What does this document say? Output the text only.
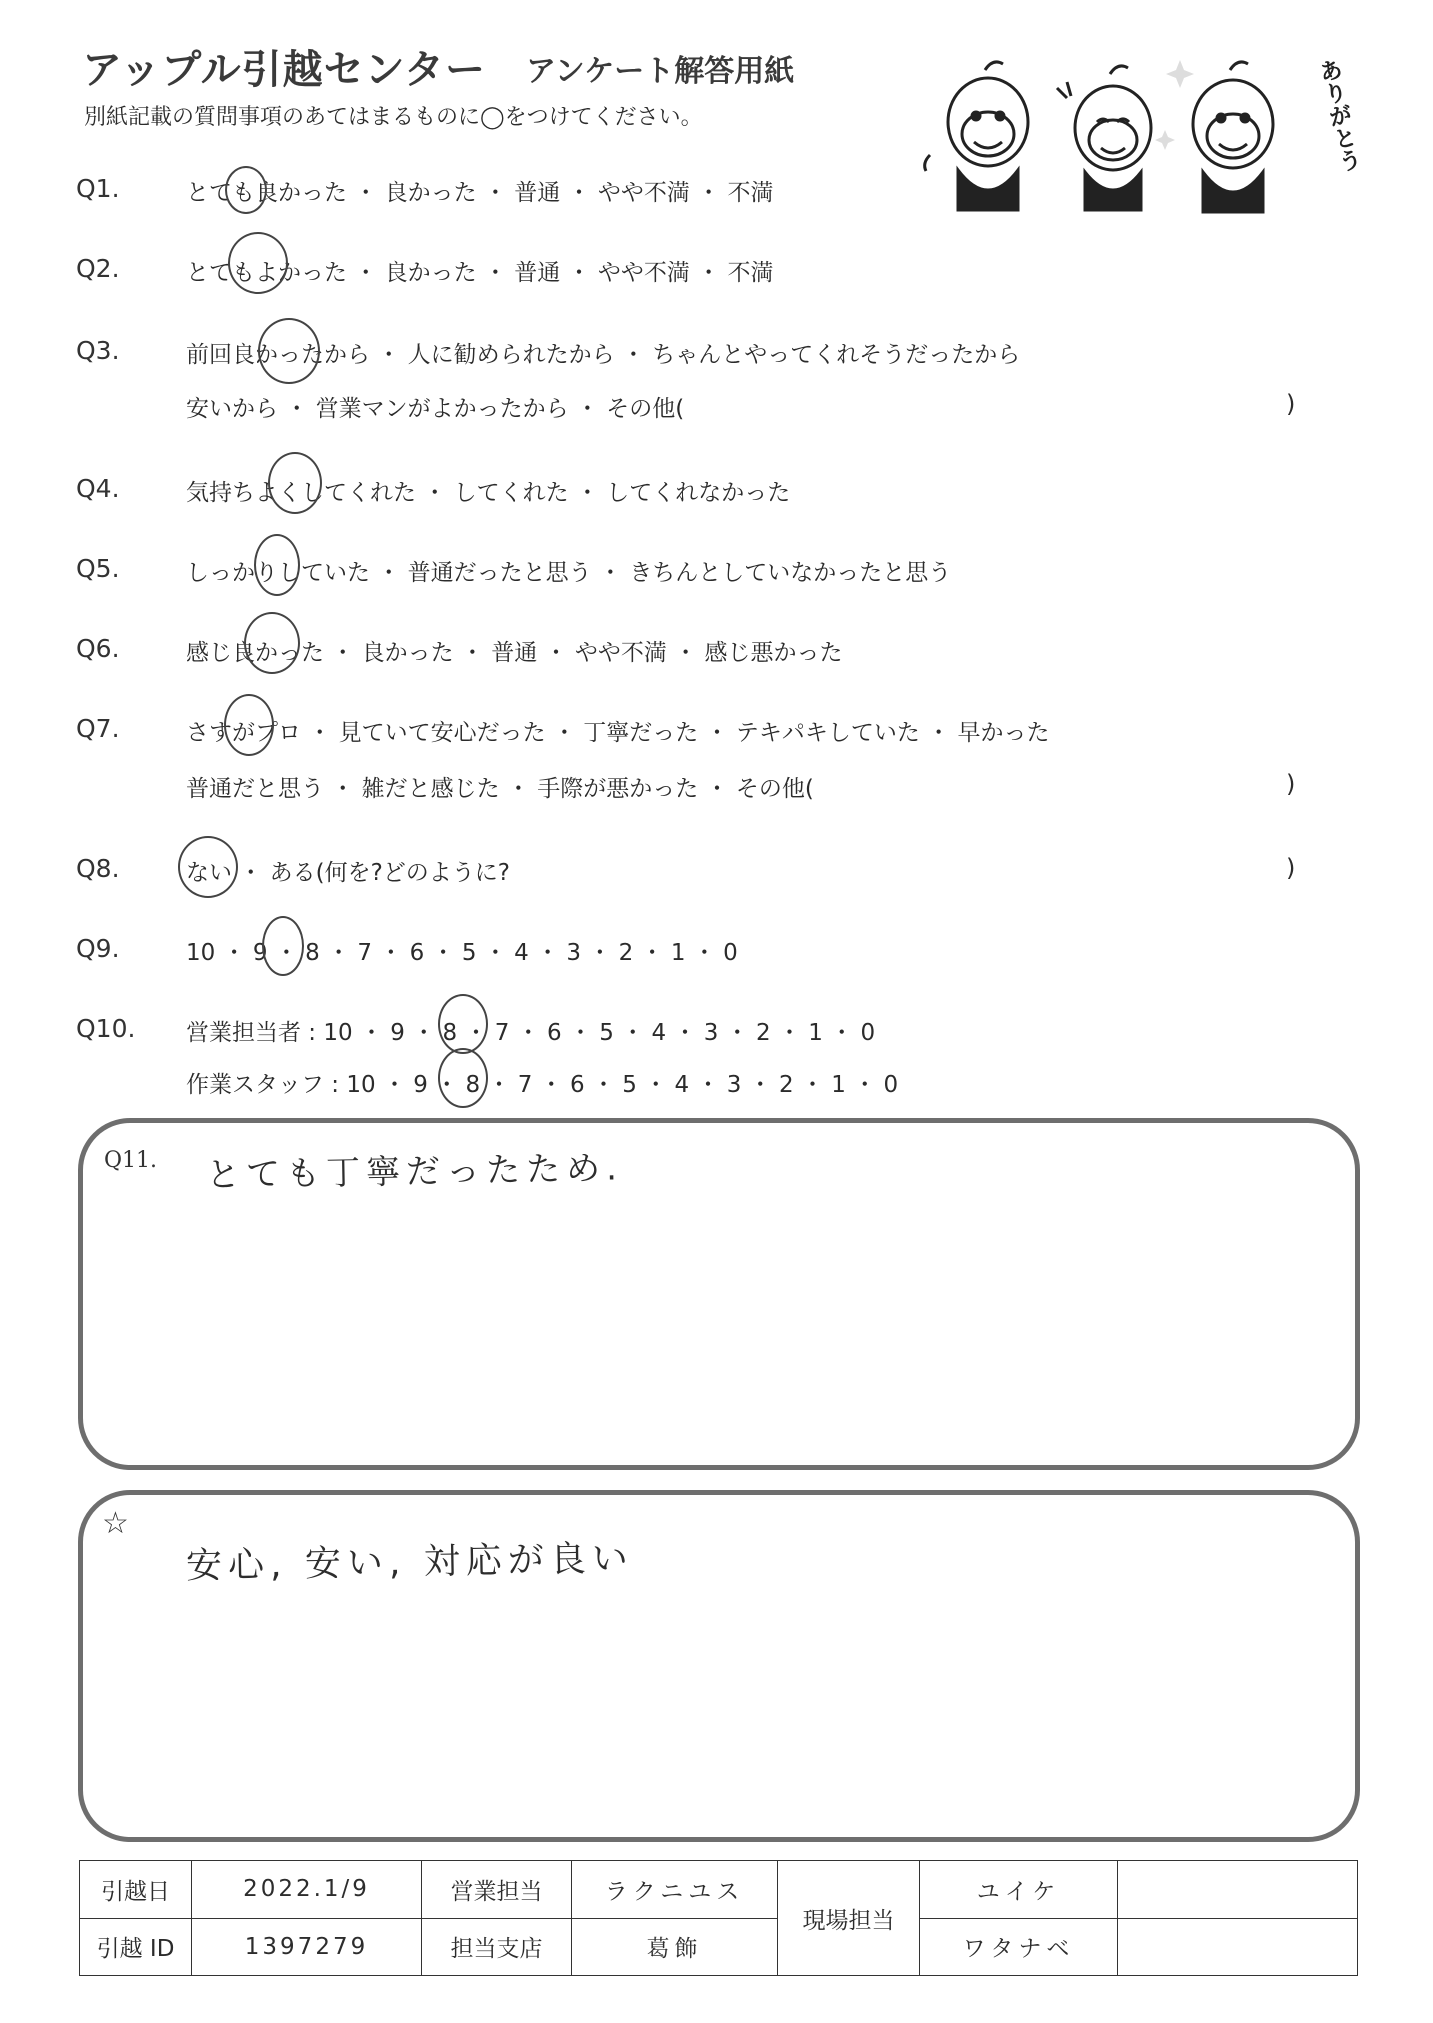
アップル引越センター アンケート解答用紙
別紙記載の質問事項のあてはまるものに◯をつけてください。	ありがとう
Q1.	とても良かった ・ 良かった ・ 普通 ・ やや不満 ・ 不満
Q2.	とてもよかった ・ 良かった ・ 普通 ・ やや不満 ・ 不満
Q3.	前回良かったから ・ 人に勧められたから ・ ちゃんとやってくれそうだったから
安いから ・ 営業マンがよかったから ・ その他(	)
Q4.	気持ちよくしてくれた ・ してくれた ・ してくれなかった
Q5.	しっかりしていた ・ 普通だったと思う ・ きちんとしていなかったと思う
Q6.	感じ良かった ・ 良かった ・ 普通 ・ やや不満 ・ 感じ悪かった
Q7.	さすがプロ ・ 見ていて安心だった ・ 丁寧だった ・ テキパキしていた ・ 早かった
普通だと思う ・ 雑だと感じた ・ 手際が悪かった ・ その他(	)
Q8.	ない ・ ある(何を?どのように?	)
Q9.	10 ・ 9 ・ 8 ・ 7 ・ 6 ・ 5 ・ 4 ・ 3 ・ 2 ・ 1 ・ 0
Q10. 営業担当者 : 10 ・ 9 ・ 8 ・ 7 ・ 6 ・ 5 ・ 4 ・ 3 ・ 2 ・ 1 ・ 0
作業スタッフ : 10 ・ 9 ・ 8 ・ 7 ・ 6 ・ 5 ・ 4 ・ 3 ・ 2 ・ 1 ・ 0
Q11. とても丁寧だったため.
☆
安心, 安い, 対応が良い
引越日	2022.1/9	営業担当	ラクニユス	現場担当	ユイケ	
引越 ID	1397279	担当支店	葛飾		ワタナベ	
